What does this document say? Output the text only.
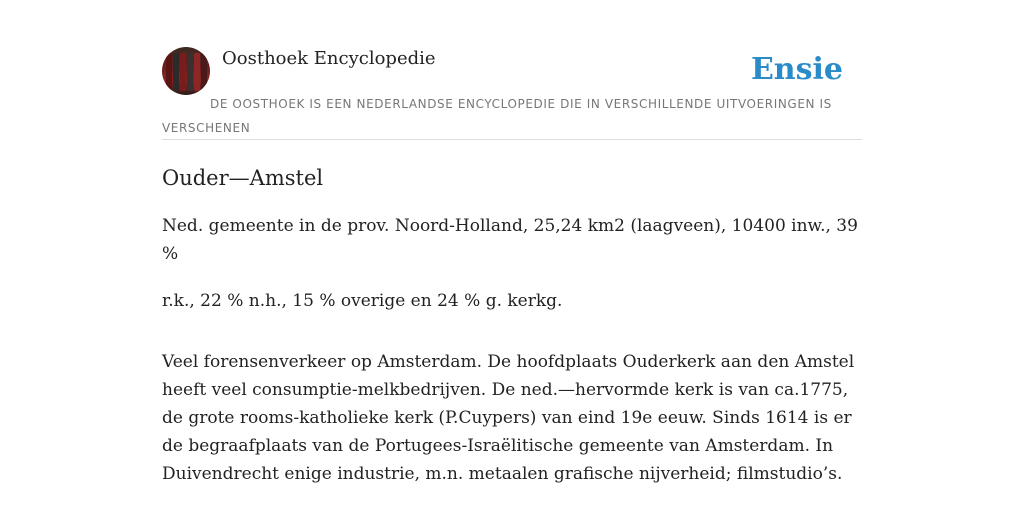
Oosthoek Encyclopedie	Ensie
DE OOSTHOEK IS EEN NEDERLANDSE ENCYCLOPEDIE DIE IN VERSCHILLENDE UITVOERINGEN IS VERSCHENEN
Ouder—Amstel

Ned. gemeente in de prov. Noord-Holland, 25,24 km2 (laagveen), 10400 inw., 39 %

r.k., 22 % n.h., 15 % overige en 24 % g. kerkg.

Veel forensenverkeer op Amsterdam. De hoofdplaats Ouderkerk aan den Amstel heeft veel consumptie-melkbedrijven. De ned.—hervormde kerk is van ca.1775, de grote rooms-katholieke kerk (P.Cuypers) van eind 19e eeuw. Sinds 1614 is er de begraafplaats van de Portugees-Israëlitische gemeente van Amsterdam. In Duivendrecht enige industrie, m.n. metaalen grafische nijverheid; filmstudio’s.
